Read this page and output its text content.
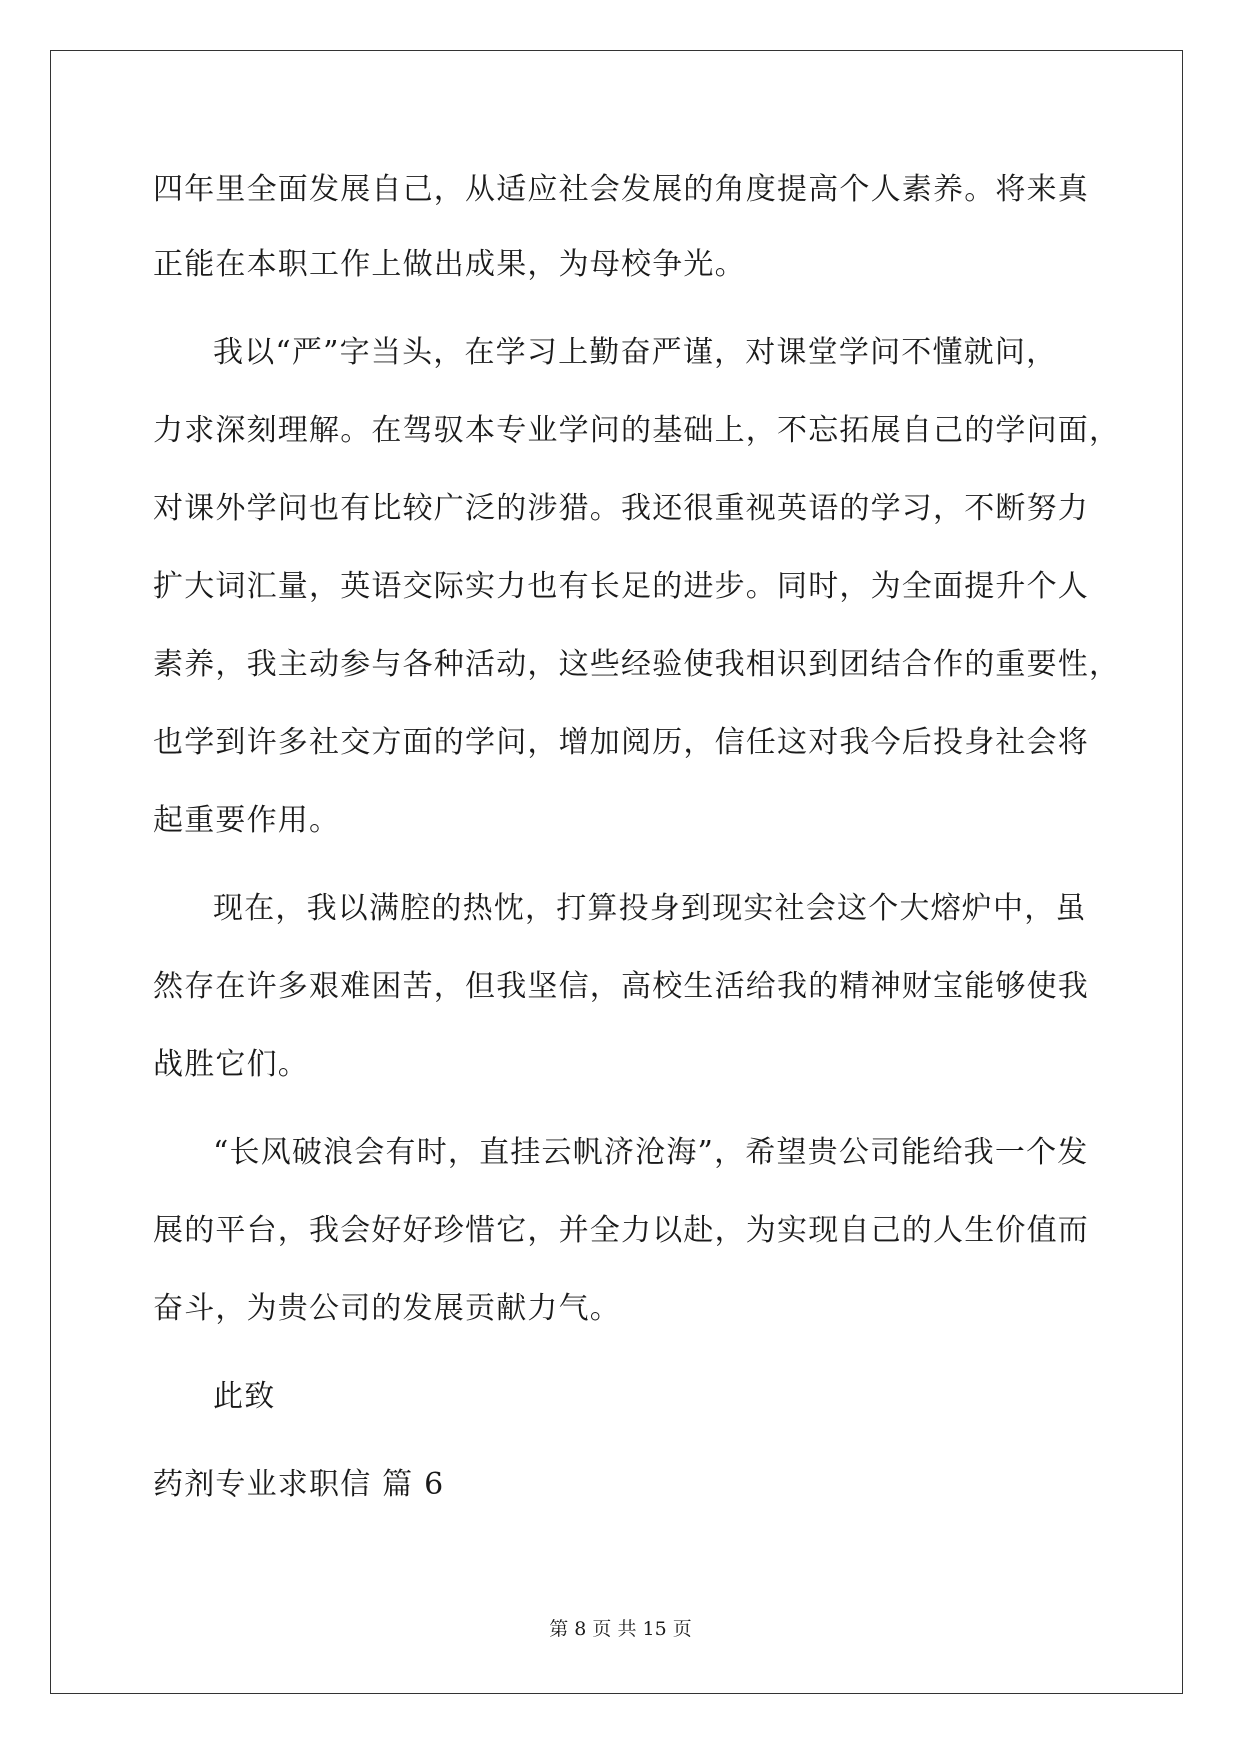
四年里全面发展自己，从适应社会发展的角度提高个人素养。将来真
正能在本职工作上做出成果，为母校争光。
我以“严”字当头，在学习上勤奋严谨，对课堂学问不懂就问，
力求深刻理解。在驾驭本专业学问的基础上，不忘拓展自己的学问面，
对课外学问也有比较广泛的涉猎。我还很重视英语的学习，不断努力
扩大词汇量，英语交际实力也有长足的进步。同时，为全面提升个人
素养，我主动参与各种活动，这些经验使我相识到团结合作的重要性，
也学到许多社交方面的学问，增加阅历，信任这对我今后投身社会将
起重要作用。
现在，我以满腔的热忱，打算投身到现实社会这个大熔炉中，虽
然存在许多艰难困苦，但我坚信，高校生活给我的精神财宝能够使我
战胜它们。
“长风破浪会有时，直挂云帆济沧海”，希望贵公司能给我一个发
展的平台，我会好好珍惜它，并全力以赴，为实现自己的人生价值而
奋斗，为贵公司的发展贡献力气。
此致
药剂专业求职信 篇 6
第 8 页 共 15 页
